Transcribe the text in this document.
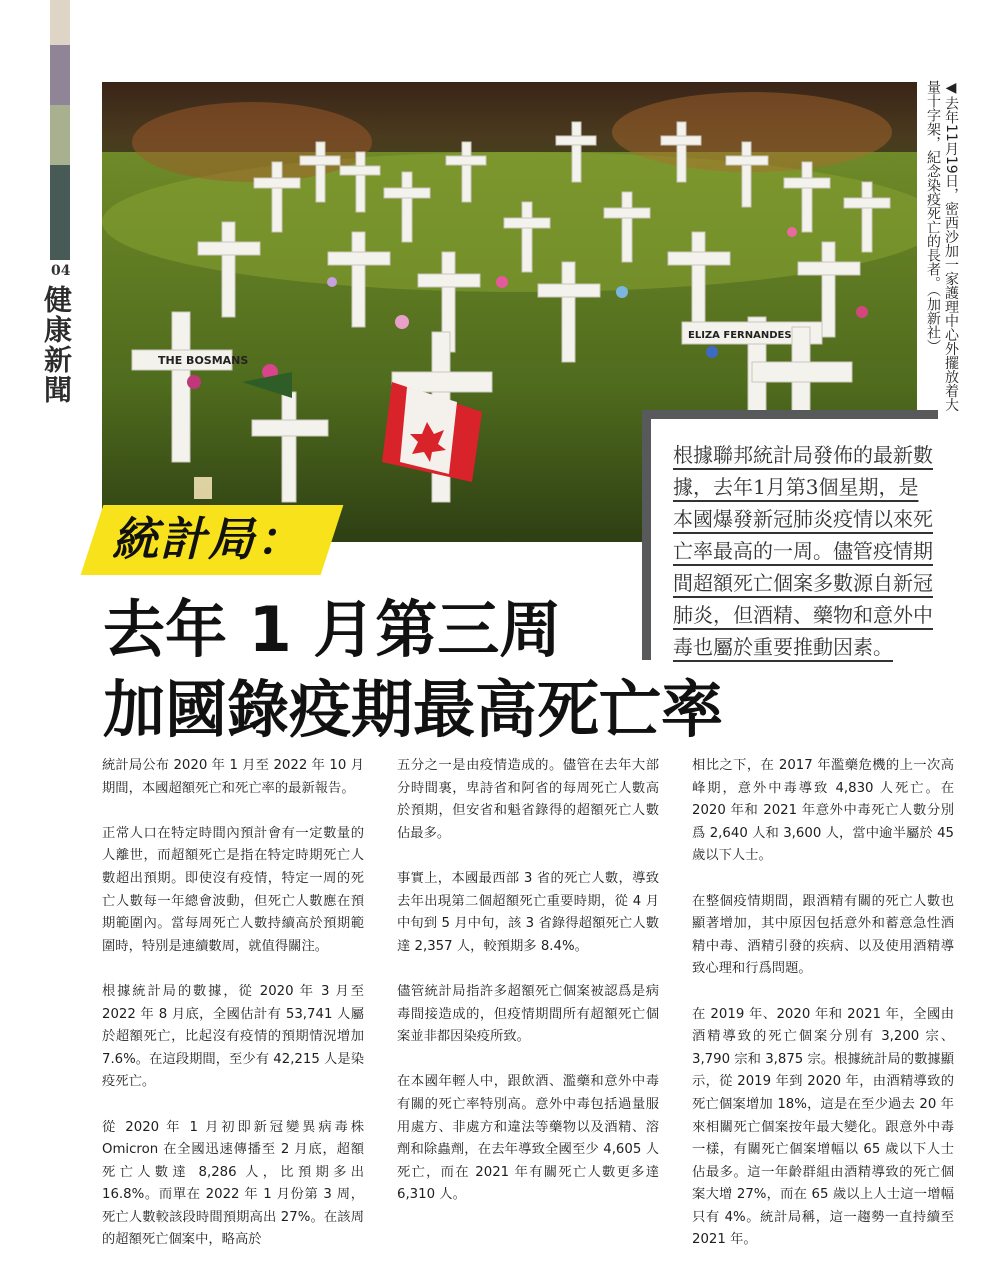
04
健康新聞	THE BOSMANS
ELIZA FERNANDES	◀去年11月19日，密西沙加一家護理中心外擺放着大量十字架，紀念染疫死亡的長者。（加新社）
根據聯邦統計局發佈的最新數據，去年1月第3個星期，是本國爆發新冠肺炎疫情以來死亡率最高的一周。儘管疫情期間超額死亡個案多數源自新冠肺炎，但酒精、藥物和意外中毒也屬於重要推動因素。
統計局：
去年 1 月第三周
加國錄疫期最高死亡率

統計局公布 2020 年 1 月至 2022 年 10 月期間，本國超額死亡和死亡率的最新報告。

正常人口在特定時間內預計會有一定數量的人離世，而超額死亡是指在特定時期死亡人數超出預期。即使沒有疫情，特定一周的死亡人數每一年總會波動，但死亡人數應在預期範圍內。當每周死亡人數持續高於預期範圍時，特別是連續數周，就值得關注。

根據統計局的數據，從 2020 年 3 月至 2022 年 8 月底，全國估計有 53,741 人屬於超額死亡，比起沒有疫情的預期情況增加 7.6%。在這段期間，至少有 42,215 人是染疫死亡。

從 2020 年 1 月初即新冠變異病毒株 Omicron 在全國迅速傳播至 2 月底，超額死亡人數達 8,286 人，比預期多出 16.8%。而單在 2022 年 1 月份第 3 周，死亡人數較該段時間預期高出 27%。在該周的超額死亡個案中，略高於

五分之一是由疫情造成的。儘管在去年大部分時間裏，卑詩省和阿省的每周死亡人數高於預期，但安省和魁省錄得的超額死亡人數佔最多。

事實上，本國最西部 3 省的死亡人數，導致去年出現第二個超額死亡重要時期，從 4 月中旬到 5 月中旬，該 3 省錄得超額死亡人數達 2,357 人，較預期多 8.4%。

儘管統計局指許多超額死亡個案被認爲是病毒間接造成的，但疫情期間所有超額死亡個案並非都因染疫所致。

在本國年輕人中，跟飲酒、濫藥和意外中毒有關的死亡率特別高。意外中毒包括過量服用處方、非處方和違法等藥物以及酒精、溶劑和除蟲劑，在去年導致全國至少 4,605 人死亡，而在 2021 年有關死亡人數更多達 6,310 人。

相比之下，在 2017 年濫藥危機的上一次高峰期，意外中毒導致 4,830 人死亡。在 2020 年和 2021 年意外中毒死亡人數分別爲 2,640 人和 3,600 人，當中逾半屬於 45 歲以下人士。

在整個疫情期間，跟酒精有關的死亡人數也顯著增加，其中原因包括意外和蓄意急性酒精中毒、酒精引發的疾病、以及使用酒精導致心理和行爲問題。

在 2019 年、2020 年和 2021 年，全國由酒精導致的死亡個案分別有 3,200 宗、3,790 宗和 3,875 宗。根據統計局的數據顯示，從 2019 年到 2020 年，由酒精導致的死亡個案增加 18%，這是在至少過去 20 年來相關死亡個案按年最大變化。跟意外中毒一樣，有關死亡個案增幅以 65 歲以下人士佔最多。這一年齡群組由酒精導致的死亡個案大增 27%，而在 65 歲以上人士這一增幅只有 4%。統計局稱，這一趨勢一直持續至 2021 年。
